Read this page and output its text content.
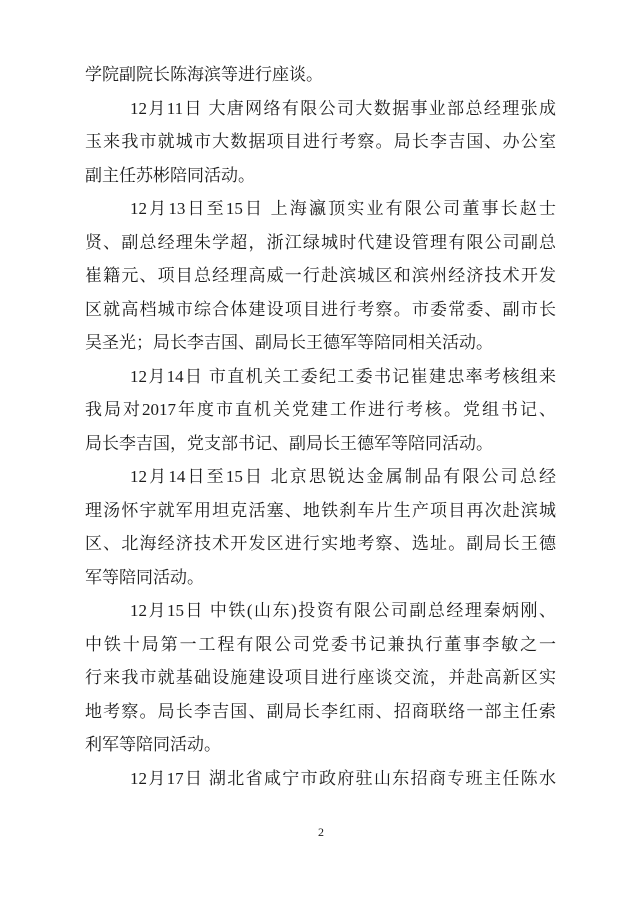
学院副院长陈海滨等进行座谈。
12月11日 大唐网络有限公司大数据事业部总经理张成
玉来我市就城市大数据项目进行考察。局长李吉国、办公室
副主任苏彬陪同活动。
12月13日至15日 上海瀛顶实业有限公司董事长赵士
贤、副总经理朱学超，浙江绿城时代建设管理有限公司副总
崔籍元、项目总经理高威一行赴滨城区和滨州经济技术开发
区就高档城市综合体建设项目进行考察。市委常委、副市长
吴圣光；局长李吉国、副局长王德军等陪同相关活动。
12月14日 市直机关工委纪工委书记崔建忠率考核组来
我局对2017年度市直机关党建工作进行考核。党组书记、
局长李吉国，党支部书记、副局长王德军等陪同活动。
12月14日至15日 北京思锐达金属制品有限公司总经
理汤怀宇就军用坦克活塞、地铁刹车片生产项目再次赴滨城
区、北海经济技术开发区进行实地考察、选址。副局长王德
军等陪同活动。
12月15日 中铁(山东)投资有限公司副总经理秦炳刚、
中铁十局第一工程有限公司党委书记兼执行董事李敏之一
行来我市就基础设施建设项目进行座谈交流，并赴高新区实
地考察。局长李吉国、副局长李红雨、招商联络一部主任索
利军等陪同活动。
12月17日 湖北省咸宁市政府驻山东招商专班主任陈水
2
